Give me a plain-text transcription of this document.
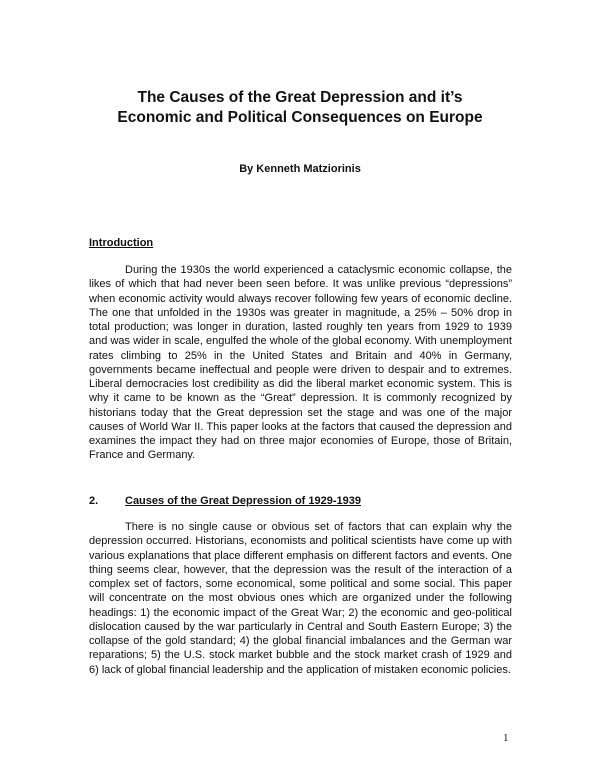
The Causes of the Great Depression and it’s
Economic and Political Consequences on Europe
By Kenneth Matziorinis
Introduction

During the 1930s the world experienced a cataclysmic economic collapse, the likes of which that had never been seen before. It was unlike previous “depressions” when economic activity would always recover following few years of economic decline. The one that unfolded in the 1930s was greater in magnitude, a 25% – 50% drop in total production; was longer in duration, lasted roughly ten years from 1929 to 1939 and was wider in scale, engulfed the whole of the global economy. With unemployment rates climbing to 25% in the United States and Britain and 40% in Germany, governments became ineffectual and people were driven to despair and to extremes. Liberal democracies lost credibility as did the liberal market economic system. This is why it came to be known as the “Great” depression. It is commonly recognized by historians today that the Great depression set the stage and was one of the major causes of World War II. This paper looks at the factors that caused the depression and examines the impact they had on three major economies of Europe, those of Britain, France and Germany.

2. Causes of the Great Depression of 1929-1939

There is no single cause or obvious set of factors that can explain why the depression occurred. Historians, economists and political scientists have come up with various explanations that place different emphasis on different factors and events. One thing seems clear, however, that the depression was the result of the interaction of a complex set of factors, some economical, some political and some social. This paper will concentrate on the most obvious ones which are organized under the following headings: 1) the economic impact of the Great War; 2) the economic and geo-political dislocation caused by the war particularly in Central and South Eastern Europe; 3) the collapse of the gold standard; 4) the global financial imbalances and the German war reparations; 5) the U.S. stock market bubble and the stock market crash of 1929 and 6) lack of global financial leadership and the application of mistaken economic policies.

1
